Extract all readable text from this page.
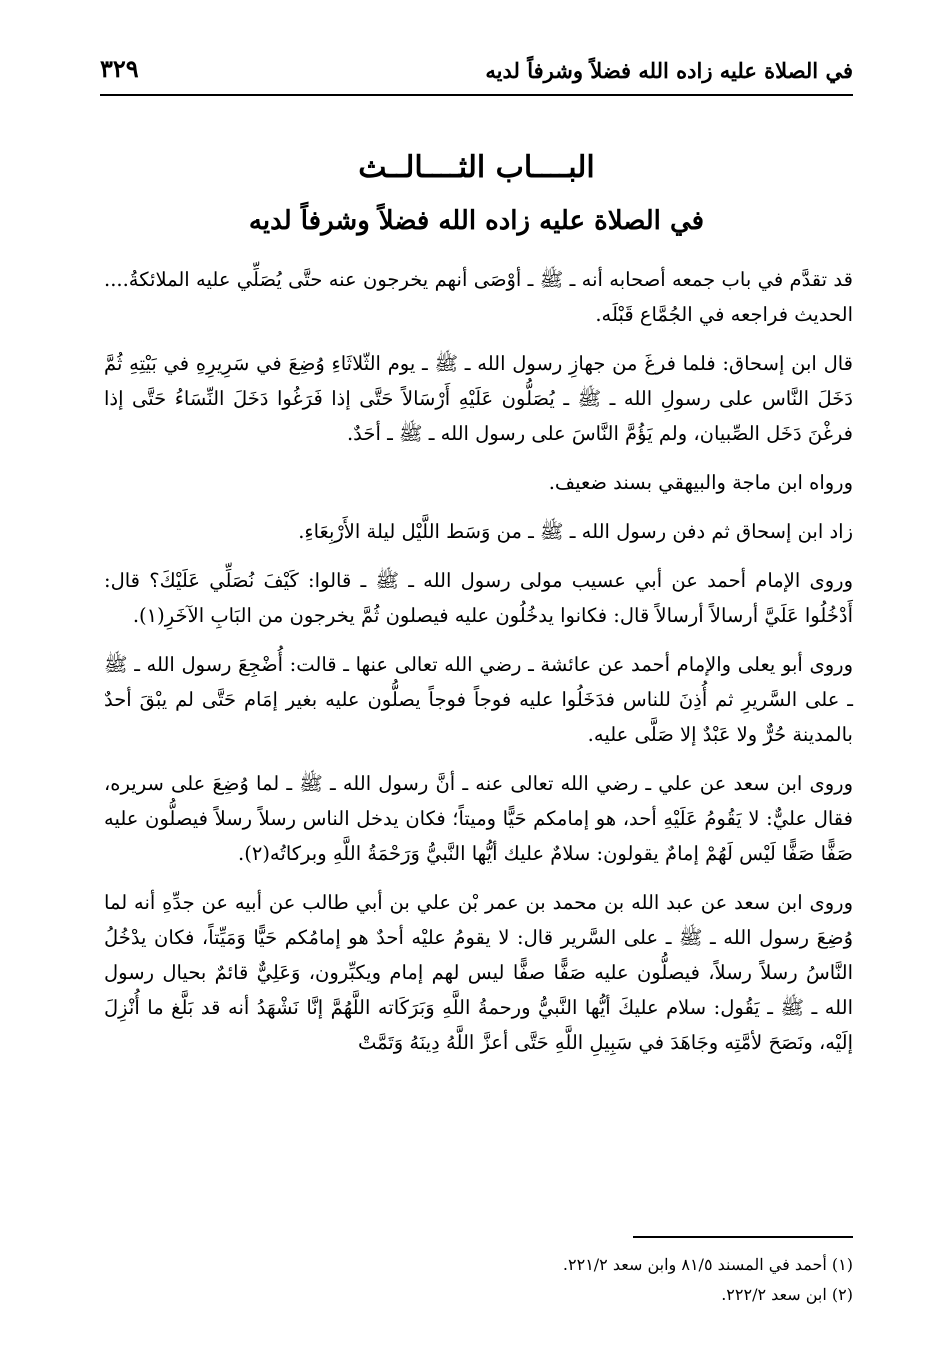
في الصلاة عليه زاده الله فضلاً وشرفاً لديه
٣٢٩
البــــاب الثــــالــث
في الصلاة عليه زاده الله فضلاً وشرفاً لديه

قد تقدَّم في باب جمعه أصحابه أنه ـ ﷺ ـ أوْصَى أنهم يخرجون عنه حتَّى يُصَلِّي عليه الملائكةُ.... الحديث فراجعه في الجُمَّاع قَبْلَه.

قال ابن إسحاق: فلما فرغَ من جهازِ رسول الله ـ ﷺ ـ يوم الثّلاثَاءِ وُضِعَ في سَرِيرِهِ في بَيْتِهِ ثُمَّ دَخَلَ النَّاس على رسولِ الله ـ ﷺ ـ يُصَلُّون عَلَيْهِ أَرْسَالاً حَتَّى إذا فَرَغُوا دَخَلَ النِّسَاءُ حَتَّى إذا فرغْنَ دَخَل الصِّبيان، ولم يَؤُمَّ النَّاسَ على رسول الله ـ ﷺ ـ أحَدٌ.

ورواه ابن ماجة والبيهقي بسند ضعيف.

زاد ابن إسحاق ثم دفن رسول الله ـ ﷺ ـ من وَسَط اللَّيْل ليلة الأَرْبِعَاءِ.

وروى الإمام أحمد عن أبي عسيب مولى رسول الله ـ ﷺ ـ قالوا: كَيْفَ نُصَلِّي عَلَيْكَ؟ قال: أَدْخُلُوا عَلَيَّ أرسالاً أرسالاً قال: فكانوا يدخُلُون عليه فيصلون ثُمَّ يخرجون من البَابِ الآخَرِ(١).

وروى أبو يعلى والإمام أحمد عن عائشة ـ رضي الله تعالى عنها ـ قالت: أُضْجِعَ رسول الله ـ ﷺ ـ على السَّريرِ ثم أُذِنَ للناس فدَخَلُوا عليه فوجاً فوجاً يصلُّون عليه بغير إمَام حَتَّى لم يبْقَ أحدٌ بالمدينة حُرٌّ ولا عَبْدٌ إلا صَلَّى عليه.

وروى ابن سعد عن علي ـ رضي الله تعالى عنه ـ أنَّ رسول الله ـ ﷺ ـ لما وُضِعَ على سريره، فقال عليٌّ: لا يَقُومُ عَلَيْهِ أحد، هو إمامكم حَيًّا وميتاً؛ فكان يدخل الناس رسلاً رسلاً فيصلُّون عليه صَفًّا صَفًّا لَيْس لَهُمْ إمامٌ يقولون: سلامٌ عليك أيُّها النَّبيُّ وَرَحْمَةُ اللَّهِ وبركاتُه(٢).

وروى ابن سعد عن عبد الله بن محمد بن عمر بْن علي بن أبي طالب عن أبيه عن جدِّهِ أنه لما وُضِعَ رسول الله ـ ﷺ ـ على السَّرير قال: لا يقومُ عليْه أحدٌ هو إمامُكم حَيًّا وَمَيِّتاً، فكان يدْخُلُ النَّاسُ رسلاً رسلاً، فيصلُّون عليه صَفًّا صفًّا ليس لهم إمام ويكبِّرون، وَعَلِيٌّ قائمٌ بحيال رسول الله ـ ﷺ ـ يَقُول: سلام عليكَ أيُّها النَّبيُّ ورحمةُ اللَّهِ وَبَرَكَاته اللَّهُمَّ إنَّا نَشْهَدُ أنه قد بَلَّغ ما أُنْزِلَ إلَيْه، ونَصَحَ لأمَّتِه وجَاهَدَ في سَبِيلِ اللَّهِ حَتَّى أعزَّ اللَّهُ دِينَهُ وَتَمَّتْ

(١) أحمد في المسند ٨١/٥ وابن سعد ٢٢١/٢.

(٢) ابن سعد ٢٢٢/٢.
